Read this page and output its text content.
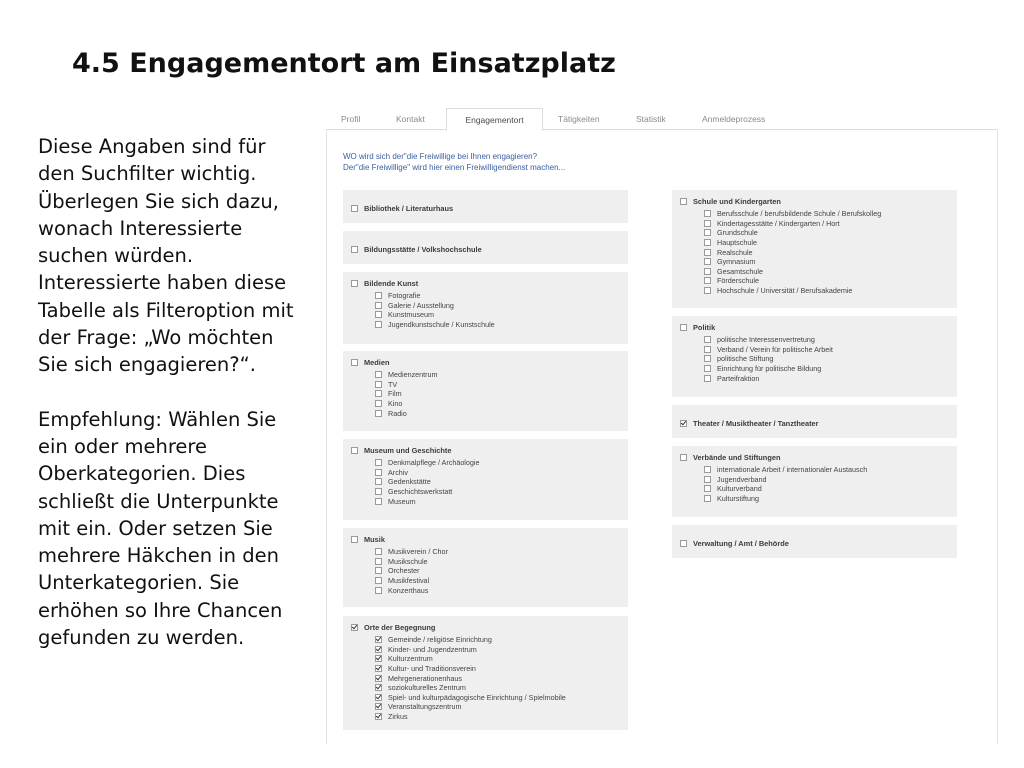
4.5 Engagementort am Einsatzplatz

Diese Angaben sind für den Suchfilter wichtig. Überlegen Sie sich dazu, wonach Interessierte suchen würden. Interessierte haben diese Tabelle als Filteroption mit der Frage: „Wo möchten Sie sich engagieren?“.

Empfehlung: Wählen Sie ein oder mehrere Oberkategorien. Dies schließt die Unterpunkte mit ein. Oder setzen Sie mehrere Häkchen in den Unterkategorien. Sie erhöhen so Ihre Chancen gefunden zu werden.

Profil	Kontakt	Engagementort	Tätigkeiten	Statistik	Anmeldeprozess
WO wird sich der"die Freiwillige bei Ihnen engagieren?
Der"die Freiwillige" wird hier einen Freiwilligendienst machen...
Bibliothek / Literaturhaus
Bildungsstätte / Volkshochschule
Bildende Kunst
Fotografie
Galerie / Ausstellung
Kunstmuseum
Jugendkunstschule / Kunstschule
Medien
Medienzentrum
TV
Film
Kino
Radio
Museum und Geschichte
Denkmalpflege / Archäologie
Archiv
Gedenkstätte
Geschichtswerkstatt
Museum
Musik
Musikverein / Chor
Musikschule
Orchester
Musikfestival
Konzerthaus
Orte der Begegnung
Gemeinde / religiöse Einrichtung
Kinder- und Jugendzentrum
Kulturzentrum
Kultur- und Traditionsverein
Mehrgenerationenhaus
soziokulturelles Zentrum
Spiel- und kulturpädagogische Einrichtung / Spielmobile
Veranstaltungszentrum
Zirkus
Schule und Kindergarten
Berufsschule / berufsbildende Schule / Berufskolleg
Kindertagesstätte / Kindergarten / Hort
Grundschule
Hauptschule
Realschule
Gymnasium
Gesamtschule
Förderschule
Hochschule / Universität / Berufsakademie
Politik
politische Interessenvertretung
Verband / Verein für politische Arbeit
politische Stiftung
Einrichtung für politische Bildung
Parteifraktion
Theater / Musiktheater / Tanztheater
Verbände und Stiftungen
internationale Arbeit / internationaler Austausch
Jugendverband
Kulturverband
Kulturstiftung
Verwaltung / Amt / Behörde
